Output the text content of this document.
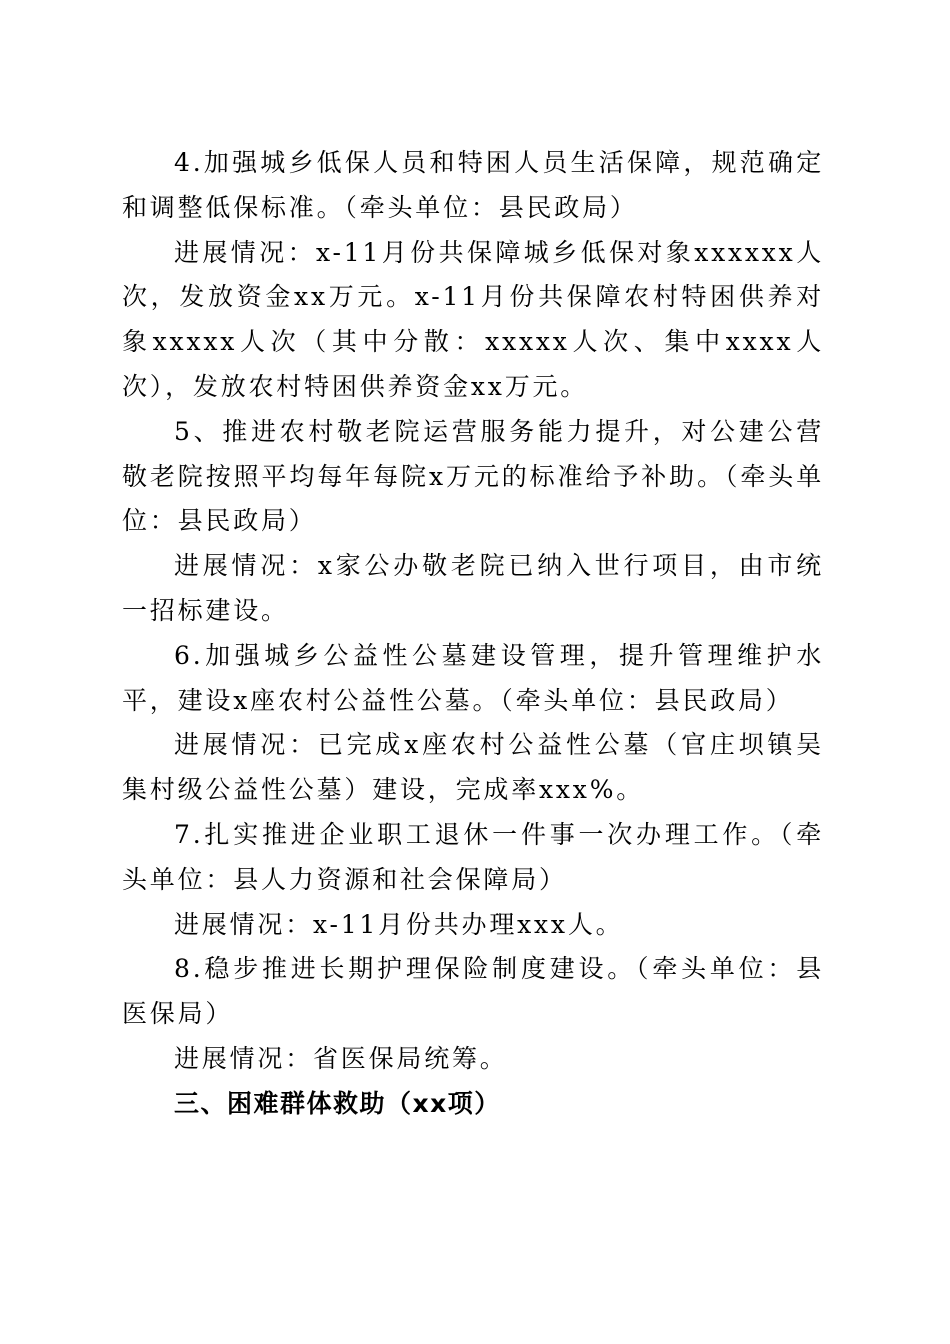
4.加强城乡低保人员和特困人员生活保障，规范确定和调整低保标准。（牵头单位：县民政局）

进展情况：x-11月份共保障城乡低保对象xxxxxx人次，发放资金xx万元。x-11月份共保障农村特困供养对象xxxxx人次（其中分散：xxxxx人次、集中xxxx人次），发放农村特困供养资金xx万元。

5、推进农村敬老院运营服务能力提升，对公建公营敬老院按照平均每年每院x万元的标准给予补助。（牵头单位：县民政局）

进展情况：x家公办敬老院已纳入世行项目，由市统一招标建设。

6.加强城乡公益性公墓建设管理，提升管理维护水平，建设x座农村公益性公墓。（牵头单位：县民政局）

进展情况：已完成x座农村公益性公墓（官庄坝镇吴集村级公益性公墓）建设，完成率xxx%。

7.扎实推进企业职工退休一件事一次办理工作。（牵头单位：县人力资源和社会保障局）

进展情况：x-11月份共办理xxx人。

8.稳步推进长期护理保险制度建设。（牵头单位：县医保局）

进展情况：省医保局统筹。

三、困难群体救助（xx项）
